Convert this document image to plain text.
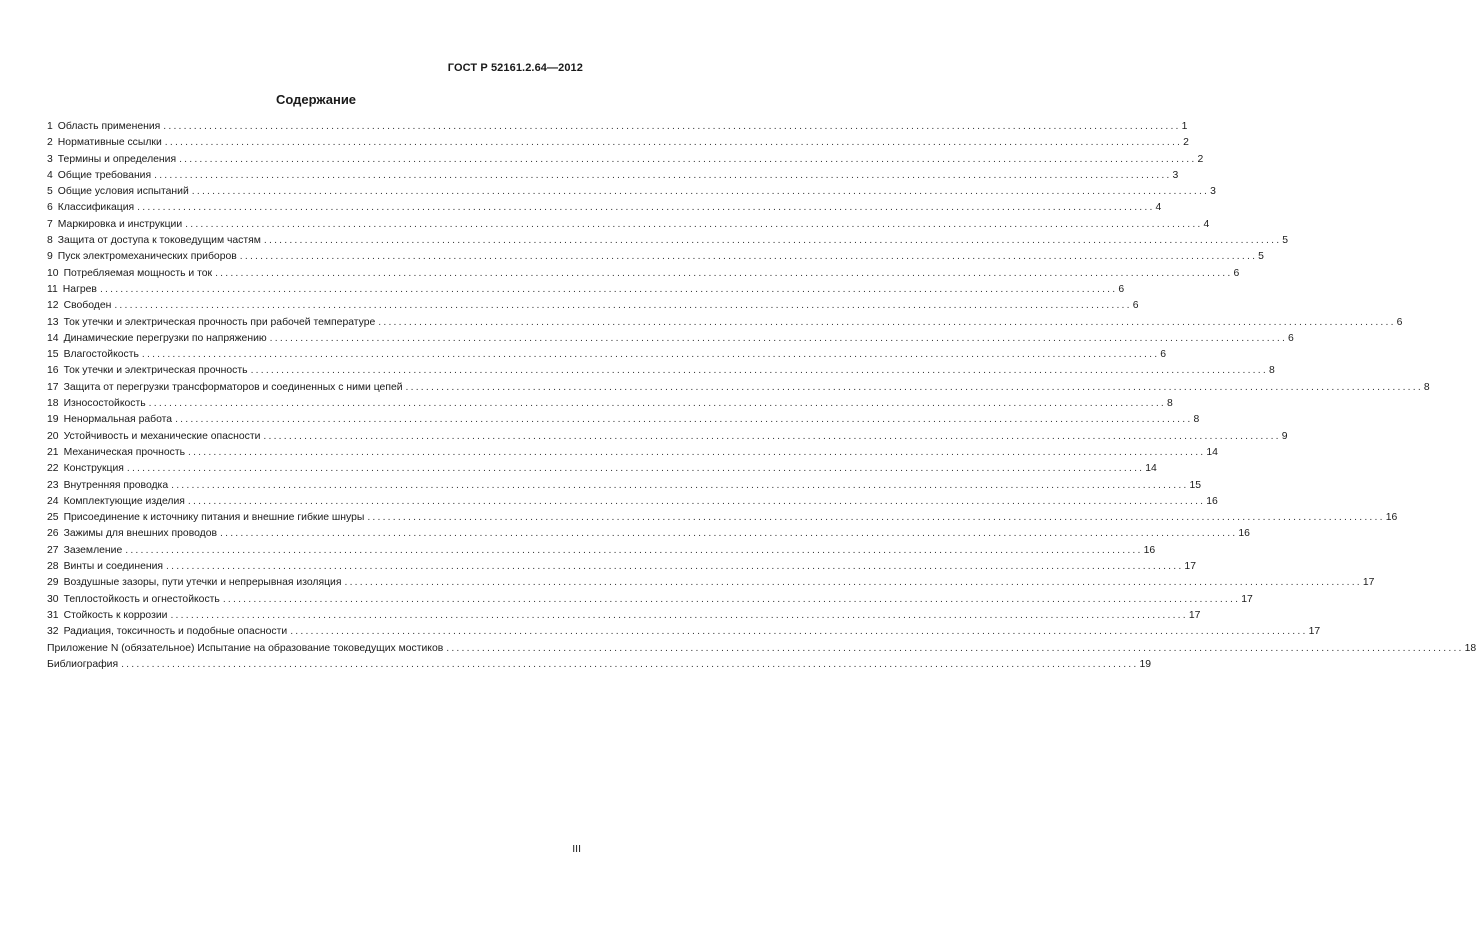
ГОСТ Р 52161.2.64—2012
Содержание
1 Область применения ........................................................................................................................................................................................................ 1
2 Нормативные ссылки ........................................................................................................................................................................................................ 2
3 Термины и определения ........................................................................................................................................................................................................ 2
4 Общие требования ........................................................................................................................................................................................................ 3
5 Общие условия испытаний ........................................................................................................................................................................................................ 3
6 Классификация ........................................................................................................................................................................................................ 4
7 Маркировка и инструкции ........................................................................................................................................................................................................ 4
8 Защита от доступа к токоведущим частям ........................................................................................................................................................................................................ 5
9 Пуск электромеханических приборов ........................................................................................................................................................................................................ 5
10 Потребляемая мощность и ток ........................................................................................................................................................................................................ 6
11 Нагрев ........................................................................................................................................................................................................ 6
12 Свободен ........................................................................................................................................................................................................ 6
13 Ток утечки и электрическая прочность при рабочей температуре ........................................................................................................................................................................................................ 6
14 Динамические перегрузки по напряжению ........................................................................................................................................................................................................ 6
15 Влагостойкость ........................................................................................................................................................................................................ 6
16 Ток утечки и электрическая прочность ........................................................................................................................................................................................................ 8
17 Защита от перегрузки трансформаторов и соединенных с ними цепей ........................................................................................................................................................................................................ 8
18 Износостойкость ........................................................................................................................................................................................................ 8
19 Ненормальная работа ........................................................................................................................................................................................................ 8
20 Устойчивость и механические опасности ........................................................................................................................................................................................................ 9
21 Механическая прочность ........................................................................................................................................................................................................ 14
22 Конструкция ........................................................................................................................................................................................................ 14
23 Внутренняя проводка ........................................................................................................................................................................................................ 15
24 Комплектующие изделия ........................................................................................................................................................................................................ 16
25 Присоединение к источнику питания и внешние гибкие шнуры ........................................................................................................................................................................................................ 16
26 Зажимы для внешних проводов ........................................................................................................................................................................................................ 16
27 Заземление ........................................................................................................................................................................................................ 16
28 Винты и соединения ........................................................................................................................................................................................................ 17
29 Воздушные зазоры, пути утечки и непрерывная изоляция ........................................................................................................................................................................................................ 17
30 Теплостойкость и огнестойкость ........................................................................................................................................................................................................ 17
31 Стойкость к коррозии ........................................................................................................................................................................................................ 17
32 Радиация, токсичность и подобные опасности ........................................................................................................................................................................................................ 17
Приложение N (обязательное) Испытание на образование токоведущих мостиков ........................................................................................................................................................................................................ 18
Библиография ........................................................................................................................................................................................................ 19
III
